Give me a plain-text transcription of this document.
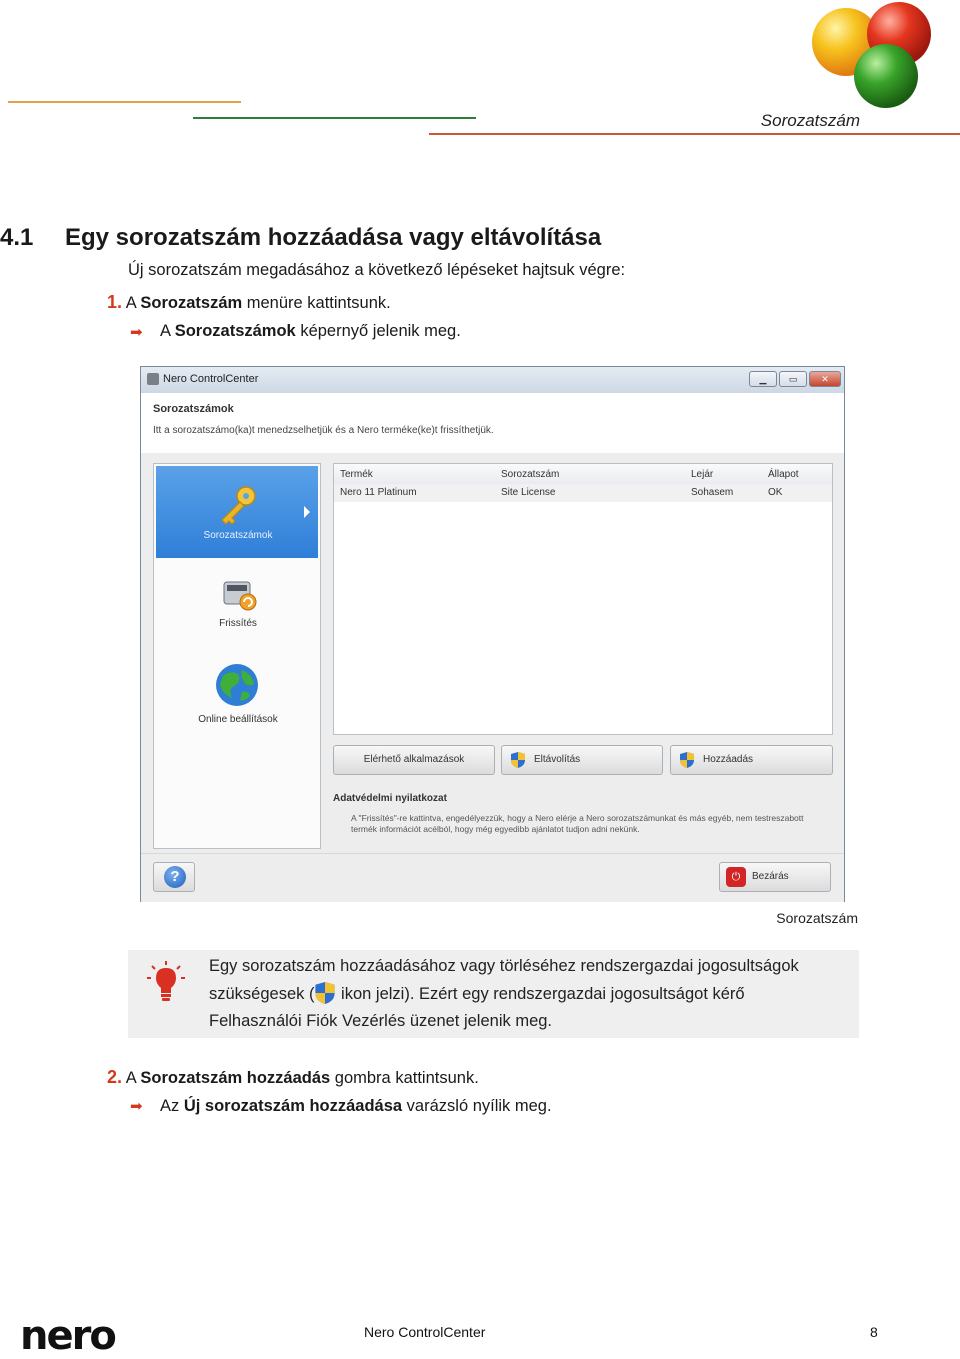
Sorozatszám
4.1 Egy sorozatszám hozzáadása vagy eltávolítása
Új sorozatszám megadásához a következő lépéseket hajtsuk végre:
1. A Sorozatszám menüre kattintsunk.
➡ A Sorozatszámok képernyő jelenik meg.
Nero ControlCenter	▁	▭	✕
Sorozatszámok
Itt a sorozatszámo(ka)t menedzselhetjük és a Nero terméke(ke)t frissíthetjük.
Sorozatszámok
Frissítés
Online beállítások
Termék	Sorozatszám	Lejár	Állapot
Nero 11 Platinum	Site License	Sohasem	OK
Elérhető alkalmazások	Eltávolítás	Hozzáadás
Adatvédelmi nyilatkozat
A "Frissítés"-re kattintva, engedélyezzük, hogy a Nero elérje a Nero sorozatszámunkat és más egyéb, nem testreszabott termék információt acélból, hogy még egyedibb ajánlatot tudjon adni nekünk.
?	⏻	Bezárás
Sorozatszám
Egy sorozatszám hozzáadásához vagy törléséhez rendszergazdai jogosultságok
szükségesek ( ikon jelzi). Ezért egy rendszergazdai jogosultságot kérő
Felhasználói Fiók Vezérlés üzenet jelenik meg.
2. A Sorozatszám hozzáadás gombra kattintsunk.
➡ Az Új sorozatszám hozzáadása varázsló nyílik meg.
nero	Nero ControlCenter	8
